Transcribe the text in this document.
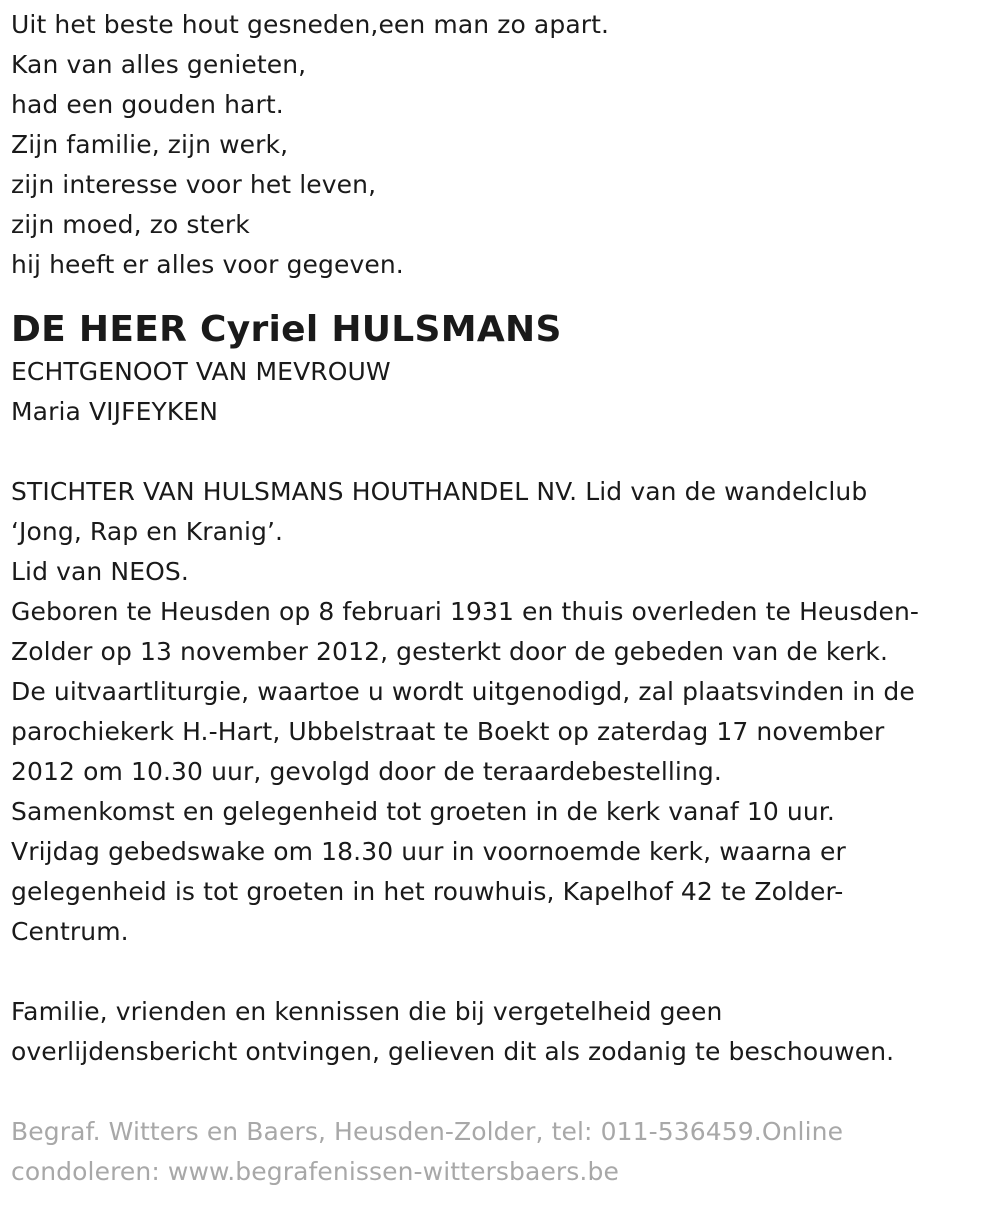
Uit het beste hout gesneden,een man zo apart.
Kan van alles genieten,
had een gouden hart.
Zijn familie, zijn werk,
zijn interesse voor het leven,
zijn moed, zo sterk
hij heeft er alles voor gegeven.
DE HEER Cyriel HULSMANS
ECHTGENOOT VAN MEVROUW
Maria VIJFEYKEN
STICHTER VAN HULSMANS HOUTHANDEL NV. Lid van de wandelclub
‘Jong, Rap en Kranig’.
Lid van NEOS.
Geboren te Heusden op 8 februari 1931 en thuis overleden te Heusden-
Zolder op 13 november 2012, gesterkt door de gebeden van de kerk.
De uitvaartliturgie, waartoe u wordt uitgenodigd, zal plaatsvinden in de
parochiekerk H.-Hart, Ubbelstraat te Boekt op zaterdag 17 november
2012 om 10.30 uur, gevolgd door de teraardebestelling.
Samenkomst en gelegenheid tot groeten in de kerk vanaf 10 uur.
Vrijdag gebedswake om 18.30 uur in voornoemde kerk, waarna er
gelegenheid is tot groeten in het rouwhuis, Kapelhof 42 te Zolder-
Centrum.
Familie, vrienden en kennissen die bij vergetelheid geen
overlijdensbericht ontvingen, gelieven dit als zodanig te beschouwen.
Begraf. Witters en Baers, Heusden-Zolder, tel: 011-536459.Online
condoleren: www.begrafenissen-wittersbaers.be
